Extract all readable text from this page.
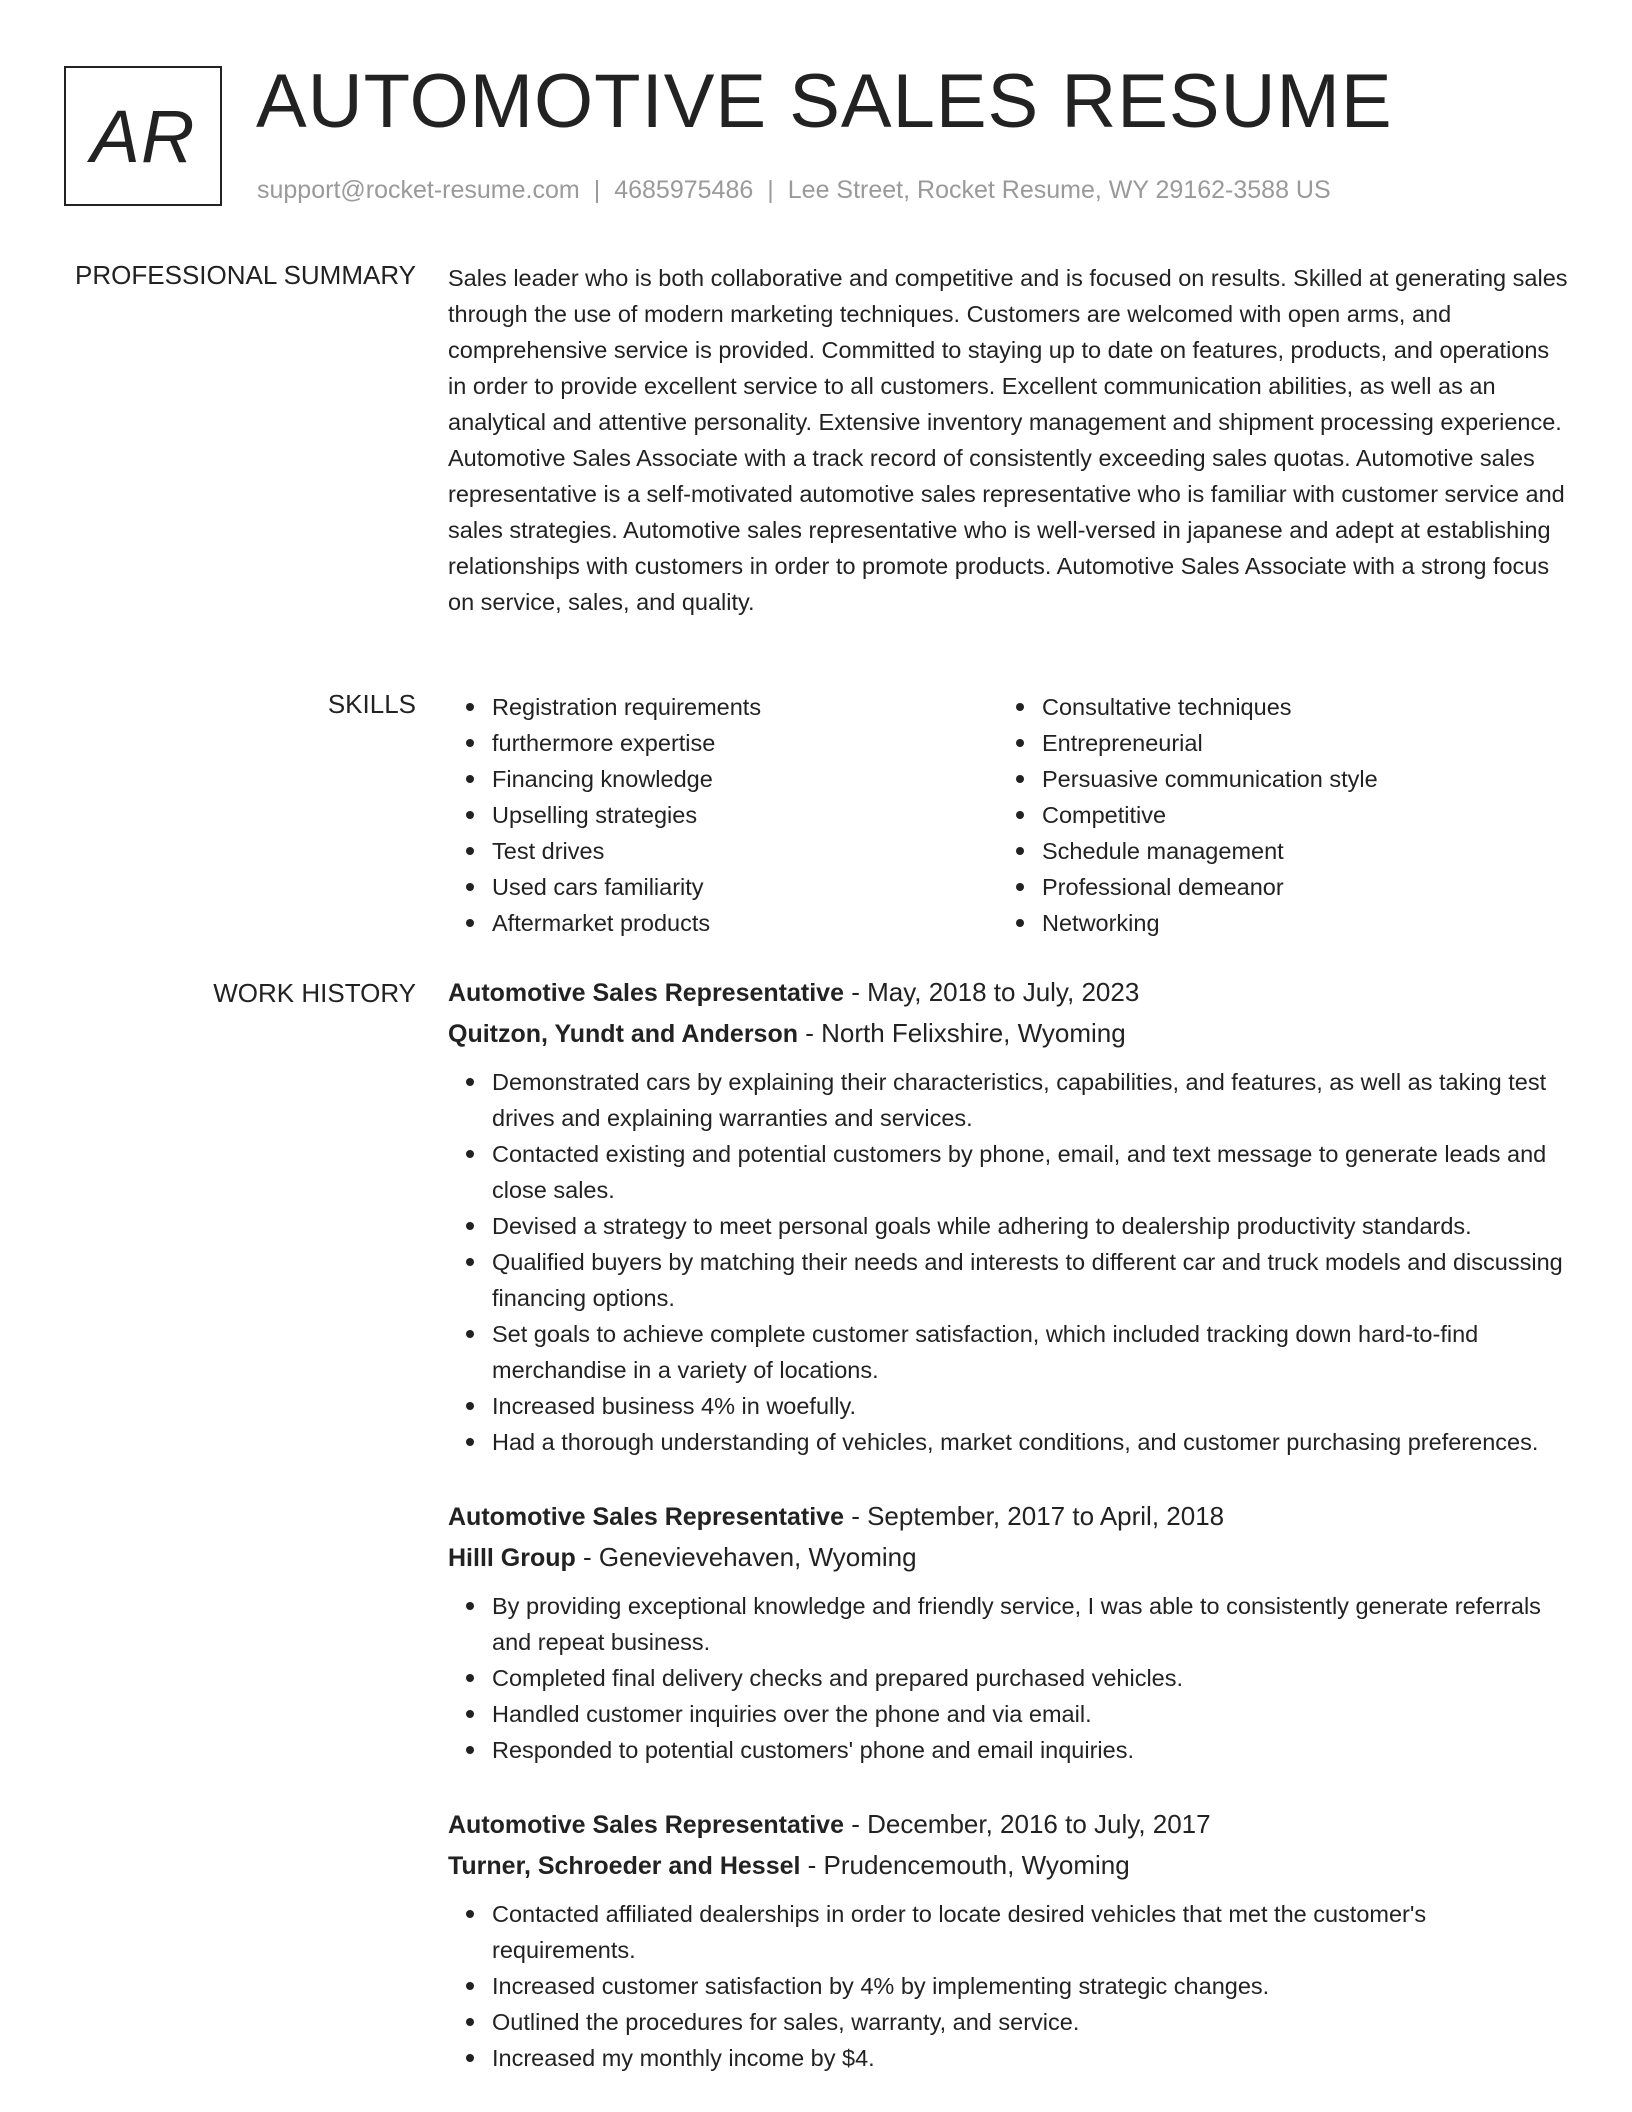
AR AUTOMOTIVE SALES RESUME
support@rocket-resume.com | 4685975486 | Lee Street, Rocket Resume, WY 29162-3588 US
PROFESSIONAL SUMMARY Sales leader who is both collaborative and competitive and is focused on results. Skilled at generating sales through the use of modern marketing techniques. Customers are welcomed with open arms, and comprehensive service is provided. Committed to staying up to date on features, products, and operations in order to provide excellent service to all customers. Excellent communication abilities, as well as an analytical and attentive personality. Extensive inventory management and shipment processing experience. Automotive Sales Associate with a track record of consistently exceeding sales quotas. Automotive sales representative is a self-motivated automotive sales representative who is familiar with customer service and sales strategies. Automotive sales representative who is well-versed in japanese and adept at establishing relationships with customers in order to promote products. Automotive Sales Associate with a strong focus on service, sales, and quality.

SKILLS	Registration requirements
furthermore expertise
Financing knowledge
Upselling strategies
Test drives
Used cars familiarity
Aftermarket products
Consultative techniques
Entrepreneurial
Persuasive communication style
Competitive
Schedule management
Professional demeanor
Networking
WORK HISTORY Automotive Sales Representative - May, 2018 to July, 2023
Quitzon, Yundt and Anderson - North Felixshire, Wyoming
Demonstrated cars by explaining their characteristics, capabilities, and features, as well as taking test drives and explaining warranties and services.
Contacted existing and potential customers by phone, email, and text message to generate leads and close sales.
Devised a strategy to meet personal goals while adhering to dealership productivity standards.
Qualified buyers by matching their needs and interests to different car and truck models and discussing financing options.
Set goals to achieve complete customer satisfaction, which included tracking down hard-to-find merchandise in a variety of locations.
Increased business 4% in woefully.
Had a thorough understanding of vehicles, market conditions, and customer purchasing preferences.
Automotive Sales Representative - September, 2017 to April, 2018
Hilll Group - Genevievehaven, Wyoming
By providing exceptional knowledge and friendly service, I was able to consistently generate referrals and repeat business.
Completed final delivery checks and prepared purchased vehicles.
Handled customer inquiries over the phone and via email.
Responded to potential customers' phone and email inquiries.
Automotive Sales Representative - December, 2016 to July, 2017
Turner, Schroeder and Hessel - Prudencemouth, Wyoming
Contacted affiliated dealerships in order to locate desired vehicles that met the customer's requirements.
Increased customer satisfaction by 4% by implementing strategic changes.
Outlined the procedures for sales, warranty, and service.
Increased my monthly income by $4.
